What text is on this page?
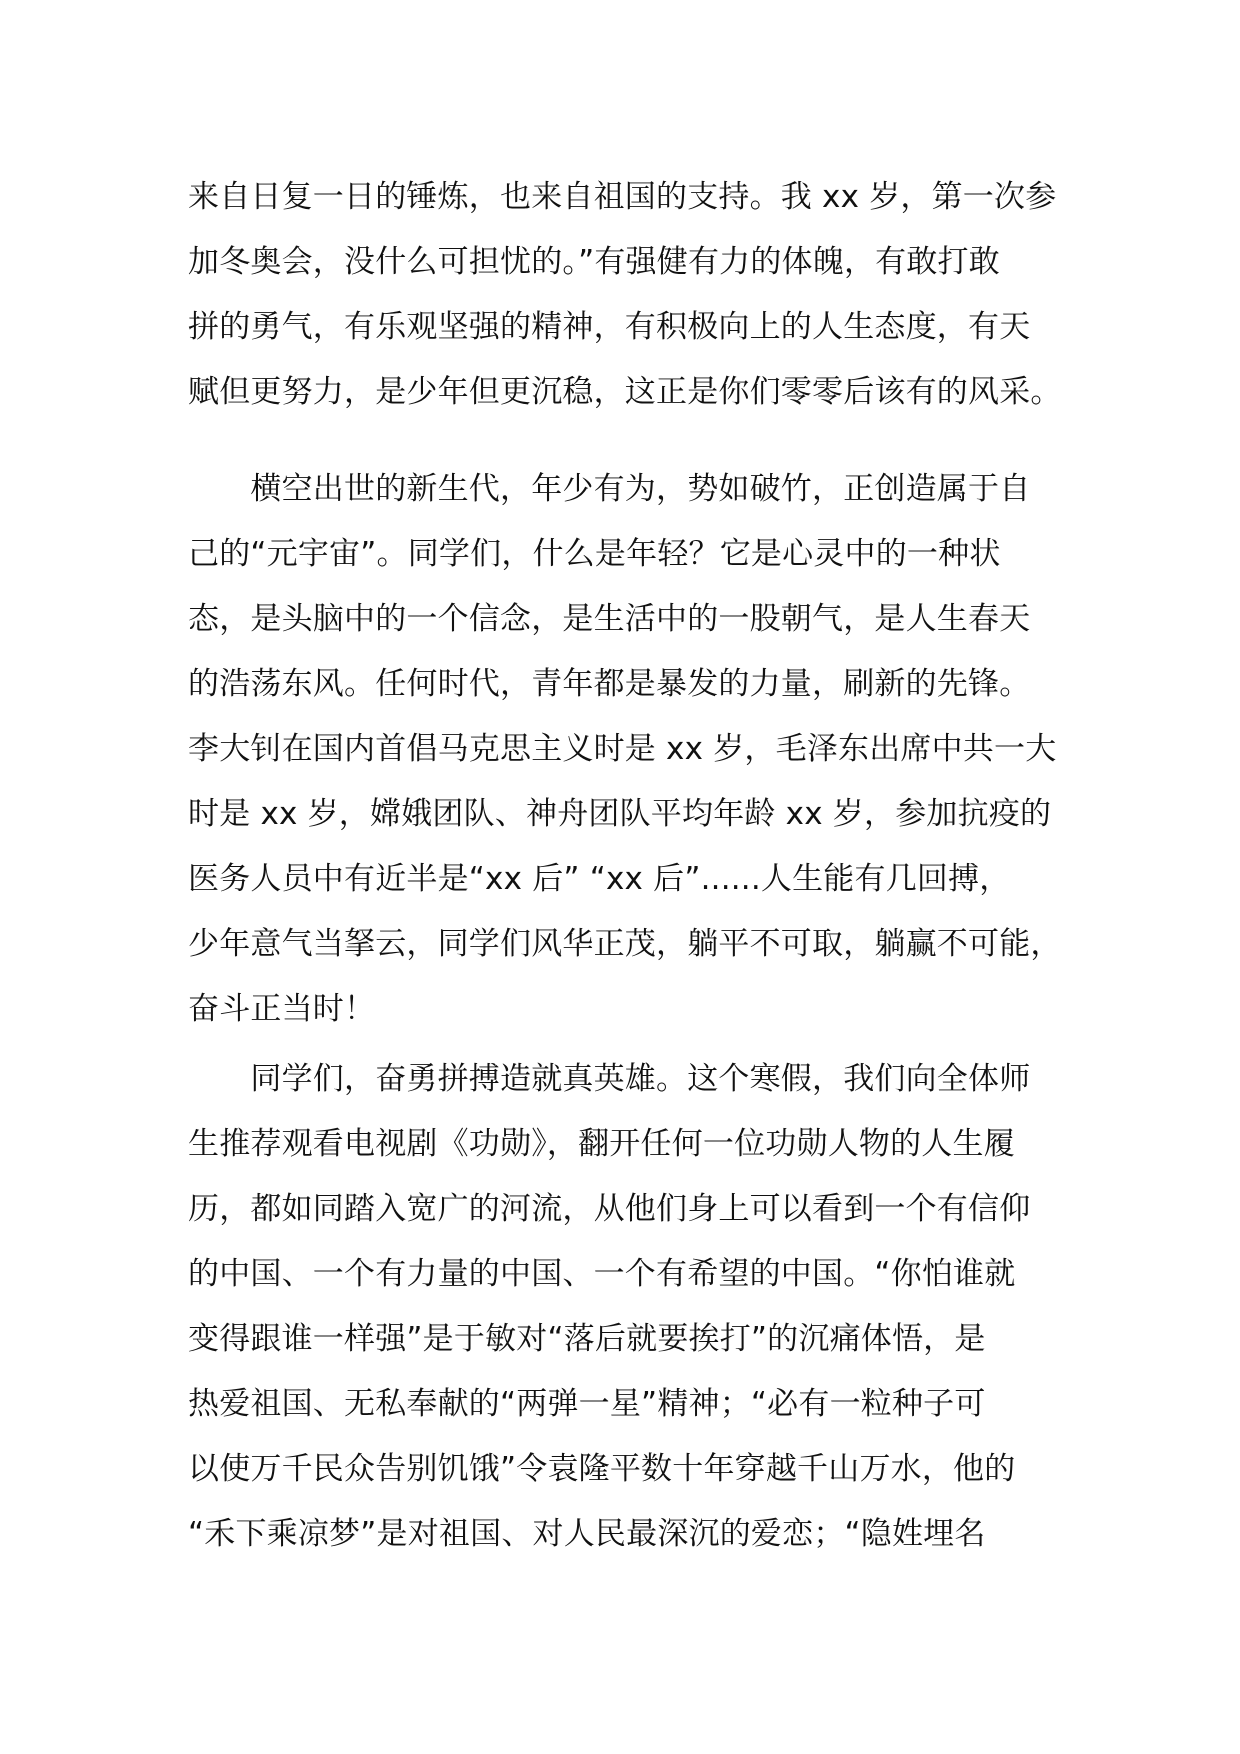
来自日复一日的锤炼，也来自祖国的支持。我 xx 岁，第一次参
加冬奥会，没什么可担忧的。”有强健有力的体魄，有敢打敢
拼的勇气，有乐观坚强的精神，有积极向上的人生态度，有天
赋但更努力，是少年但更沉稳，这正是你们零零后该有的风采。
　　横空出世的新生代，年少有为，势如破竹，正创造属于自
己的“元宇宙”。同学们，什么是年轻？它是心灵中的一种状
态，是头脑中的一个信念，是生活中的一股朝气，是人生春天
的浩荡东风。任何时代，青年都是暴发的力量，刷新的先锋。
李大钊在国内首倡马克思主义时是 xx 岁，毛泽东出席中共一大
时是 xx 岁，嫦娥团队、神舟团队平均年龄 xx 岁，参加抗疫的
医务人员中有近半是“xx 后” “xx 后”......人生能有几回搏，
少年意气当拏云，同学们风华正茂，躺平不可取，躺赢不可能，
奋斗正当时！
　　同学们，奋勇拼搏造就真英雄。这个寒假，我们向全体师
生推荐观看电视剧《功勋》，翻开任何一位功勋人物的人生履
历，都如同踏入宽广的河流，从他们身上可以看到一个有信仰
的中国、一个有力量的中国、一个有希望的中国。“你怕谁就
变得跟谁一样强”是于敏对“落后就要挨打”的沉痛体悟，是
热爱祖国、无私奉献的“两弹一星”精神；“必有一粒种子可
以使万千民众告别饥饿”令袁隆平数十年穿越千山万水，他的
“禾下乘凉梦”是对祖国、对人民最深沉的爱恋；“隐姓埋名
